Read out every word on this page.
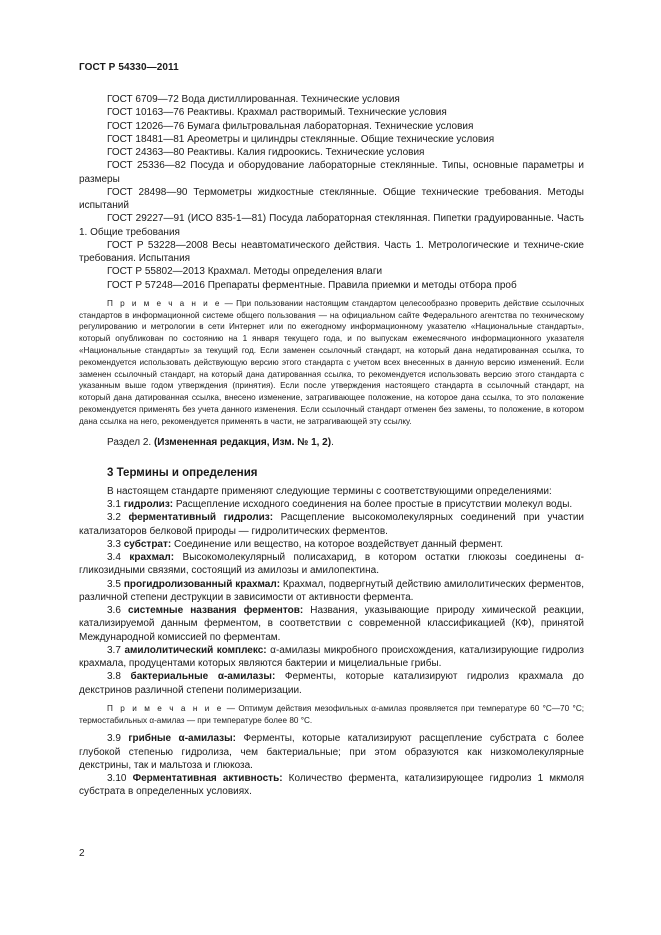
ГОСТ Р 54330—2011

ГОСТ 6709—72 Вода дистиллированная. Технические условия

ГОСТ 10163—76 Реактивы. Крахмал растворимый. Технические условия

ГОСТ 12026—76 Бумага фильтровальная лабораторная. Технические условия

ГОСТ 18481—81 Ареометры и цилиндры стеклянные. Общие технические условия

ГОСТ 24363—80 Реактивы. Калия гидроокись. Технические условия

ГОСТ 25336—82 Посуда и оборудование лабораторные стеклянные. Типы, основные параметры и размеры

ГОСТ 28498—90 Термометры жидкостные стеклянные. Общие технические требования. Методы испытаний

ГОСТ 29227—91 (ИСО 835-1—81) Посуда лабораторная стеклянная. Пипетки градуированные. Часть 1. Общие требования

ГОСТ Р 53228—2008 Весы неавтоматического действия. Часть 1. Метрологические и техниче-ские требования. Испытания

ГОСТ Р 55802—2013 Крахмал. Методы определения влаги

ГОСТ Р 57248—2016 Препараты ферментные. Правила приемки и методы отбора проб

П р и м е ч а н и е — При пользовании настоящим стандартом целесообразно проверить действие ссылочных стандартов в информационной системе общего пользования — на официальном сайте Федерального агентства по техническому регулированию и метрологии в сети Интернет или по ежегодному информационному указателю «Национальные стандарты», который опубликован по состоянию на 1 января текущего года, и по выпускам ежемесячного информационного указателя «Национальные стандарты» за текущий год. Если заменен ссылочный стандарт, на который дана недатированная ссылка, то рекомендуется использовать действующую версию этого стандарта с учетом всех внесенных в данную версию изменений. Если заменен ссылочный стандарт, на который дана датированная ссылка, то рекомендуется использовать версию этого стандарта с указанным выше годом утверждения (принятия). Если после утверждения настоящего стандарта в ссылочный стандарт, на который дана датированная ссылка, внесено изменение, затрагивающее положение, на которое дана ссылка, то это положение рекомендуется применять без учета данного изменения. Если ссылочный стандарт отменен без замены, то положение, в котором дана ссылка на него, рекомендуется применять в части, не затрагивающей эту ссылку.

Раздел 2. (Измененная редакция, Изм. № 1, 2).

3 Термины и определения

В настоящем стандарте применяют следующие термины с соответствующими определениями:

3.1 гидролиз: Расщепление исходного соединения на более простые в присутствии молекул воды.

3.2 ферментативный гидролиз: Расщепление высокомолекулярных соединений при участии катализаторов белковой природы — гидролитических ферментов.

3.3 субстрат: Соединение или вещество, на которое воздействует данный фермент.

3.4 крахмал: Высокомолекулярный полисахарид, в котором остатки глюкозы соединены α-гликозидными связями, состоящий из амилозы и амилопектина.

3.5 прогидролизованный крахмал: Крахмал, подвергнутый действию амилолитических ферментов, различной степени деструкции в зависимости от активности фермента.

3.6 системные названия ферментов: Названия, указывающие природу химической реакции, катализируемой данным ферментом, в соответствии с современной классификацией (КФ), принятой Международной комиссией по ферментам.

3.7 амилолитический комплекс: α-амилазы микробного происхождения, катализирующие гидролиз крахмала, продуцентами которых являются бактерии и мицелиальные грибы.

3.8 бактериальные α-амилазы: Ферменты, которые катализируют гидролиз крахмала до декстринов различной степени полимеризации.

П р и м е ч а н и е — Оптимум действия мезофильных α-амилаз проявляется при температуре 60 °С—70 °С; термостабильных α-амилаз — при температуре более 80 °С.

3.9 грибные α-амилазы: Ферменты, которые катализируют расщепление субстрата с более глубокой степенью гидролиза, чем бактериальные; при этом образуются как низкомолекулярные декстрины, так и мальтоза и глюкоза.

3.10 Ферментативная активность: Количество фермента, катализирующее гидролиз 1 мкмоля субстрата в определенных условиях.

2
